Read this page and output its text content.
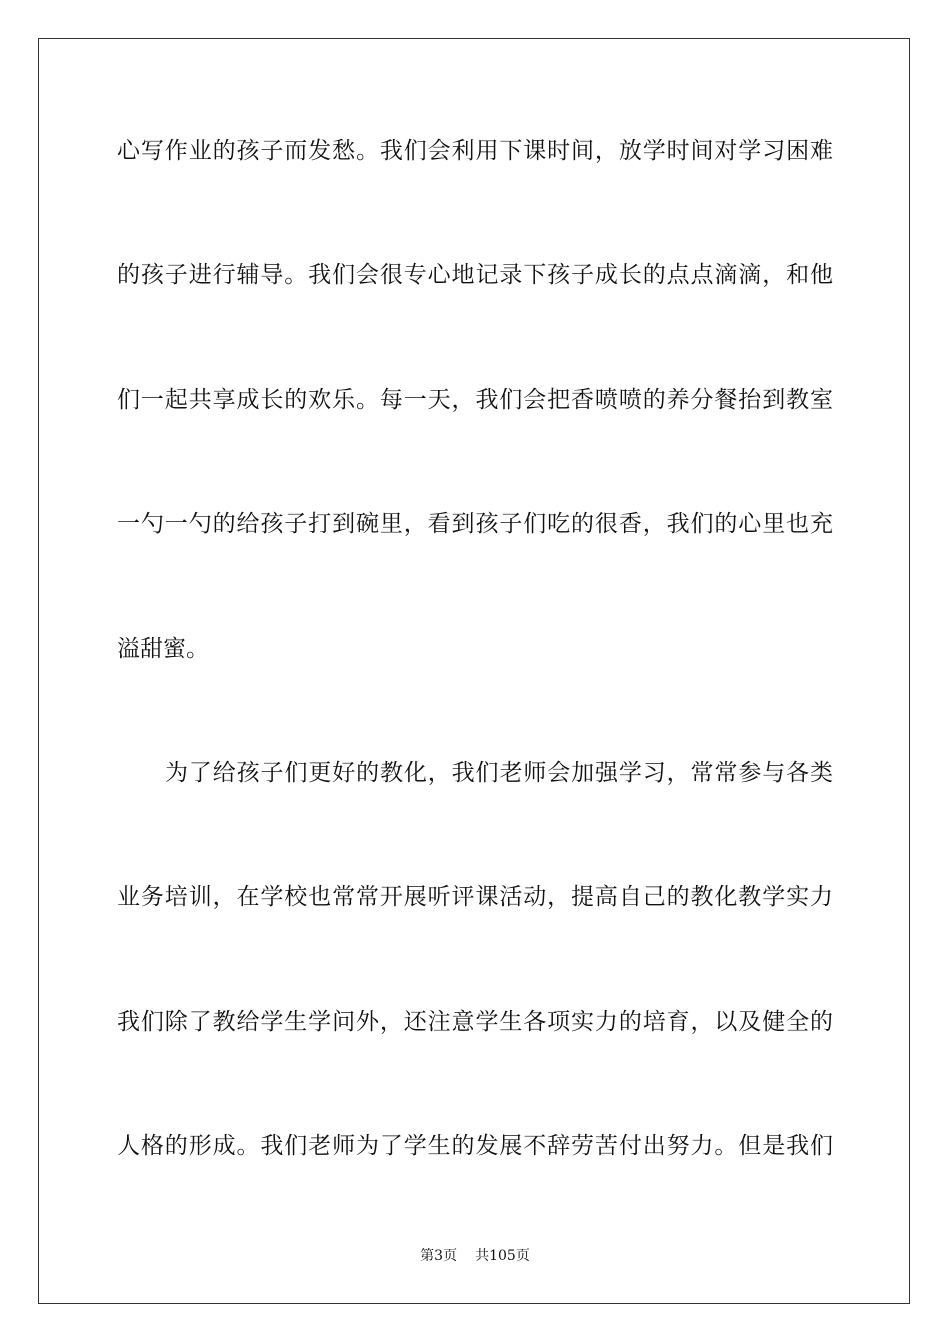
心写作业的孩子而发愁。我们会利用下课时间，放学时间对学习困难
的孩子进行辅导。我们会很专心地记录下孩子成长的点点滴滴，和他
们一起共享成长的欢乐。每一天，我们会把香喷喷的养分餐抬到教室
一勺一勺的给孩子打到碗里，看到孩子们吃的很香，我们的心里也充
溢甜蜜。
为了给孩子们更好的教化，我们老师会加强学习，常常参与各类
业务培训，在学校也常常开展听评课活动，提高自己的教化教学实力
我们除了教给学生学问外，还注意学生各项实力的培育，以及健全的
人格的形成。我们老师为了学生的发展不辞劳苦付出努力。但是我们
第3页 共105页
